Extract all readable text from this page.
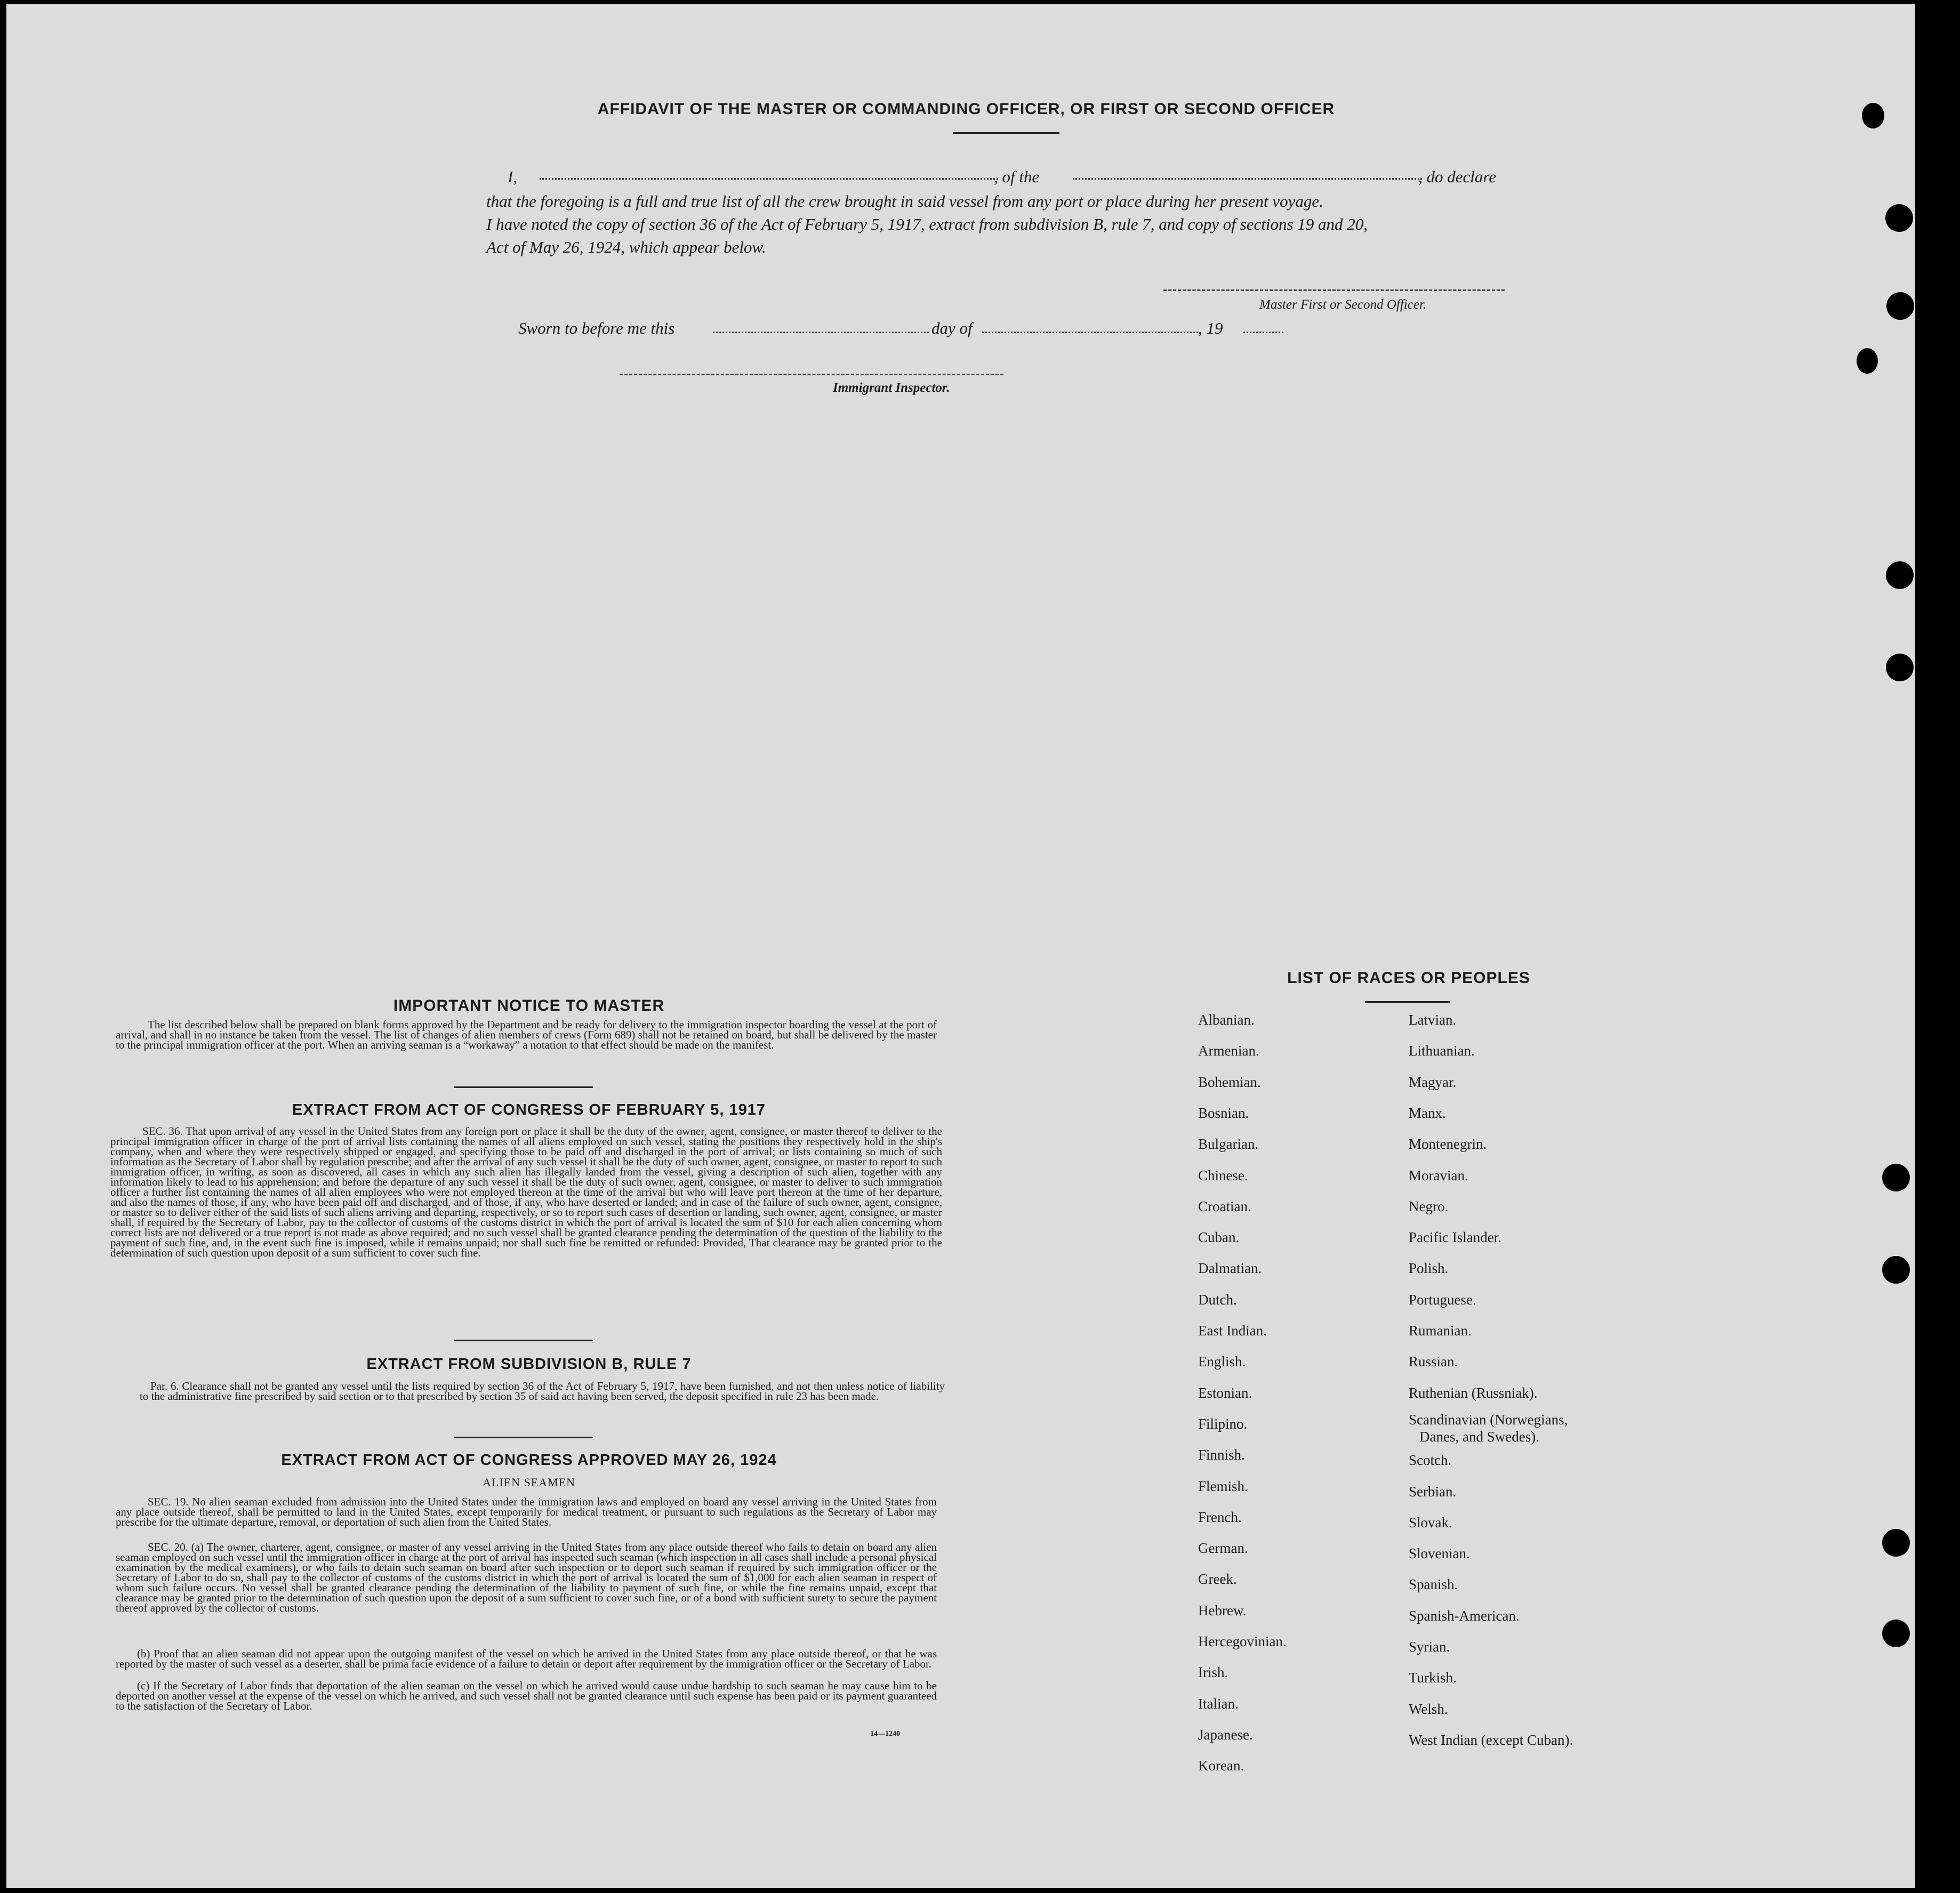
AFFIDAVIT OF THE MASTER OR COMMANDING OFFICER, OR FIRST OR SECOND OFFICER
I,	, of the	, do declare
that the foregoing is a full and true list of all the crew brought in said vessel from any port or place during her present voyage.
I have noted the copy of section 36 of the Act of February 5, 1917, extract from subdivision B, rule 7, and copy of sections 19 and 20,
Act of May 26, 1924, which appear below.
Master First or Second Officer.
Sworn to before me this	day of	, 19
Immigrant Inspector.
IMPORTANT NOTICE TO MASTER
The list described below shall be prepared on blank forms approved by the Department and be ready for delivery to the immigration inspector boarding the vessel at the port of arrival, and shall in no instance be taken from the vessel. The list of changes of alien members of crews (Form 689) shall not be retained on board, but shall be delivered by the master to the principal immigration officer at the port. When an arriving seaman is a “workaway” a notation to that effect should be made on the manifest.
EXTRACT FROM ACT OF CONGRESS OF FEBRUARY 5, 1917
SEC. 36. That upon arrival of any vessel in the United States from any foreign port or place it shall be the duty of the owner, agent, consignee, or master thereof to deliver to the principal immigration officer in charge of the port of arrival lists containing the names of all aliens employed on such vessel, stating the positions they respectively hold in the ship's company, when and where they were respectively shipped or engaged, and specifying those to be paid off and discharged in the port of arrival; or lists containing so much of such information as the Secretary of Labor shall by regulation prescribe; and after the arrival of any such vessel it shall be the duty of such owner, agent, consignee, or master to report to such immigration officer, in writing, as soon as discovered, all cases in which any such alien has illegally landed from the vessel, giving a description of such alien, together with any information likely to lead to his apprehension; and before the departure of any such vessel it shall be the duty of such owner, agent, consignee, or master to deliver to such immigration officer a further list containing the names of all alien employees who were not employed thereon at the time of the arrival but who will leave port thereon at the time of her departure, and also the names of those, if any, who have been paid off and discharged, and of those, if any, who have deserted or landed; and in case of the failure of such owner, agent, consignee, or master so to deliver either of the said lists of such aliens arriving and departing, respectively, or so to report such cases of desertion or landing, such owner, agent, consignee, or master shall, if required by the Secretary of Labor, pay to the collector of customs of the customs district in which the port of arrival is located the sum of $10 for each alien concerning whom correct lists are not delivered or a true report is not made as above required; and no such vessel shall be granted clearance pending the determination of the question of the liability to the payment of such fine, and, in the event such fine is imposed, while it remains unpaid; nor shall such fine be remitted or refunded: Provided, That clearance may be granted prior to the determination of such question upon deposit of a sum sufficient to cover such fine.
EXTRACT FROM SUBDIVISION B, RULE 7
Par. 6. Clearance shall not be granted any vessel until the lists required by section 36 of the Act of February 5, 1917, have been furnished, and not then unless notice of liability to the administrative fine prescribed by said section or to that prescribed by section 35 of said act having been served, the deposit specified in rule 23 has been made.
EXTRACT FROM ACT OF CONGRESS APPROVED MAY 26, 1924
ALIEN SEAMEN
SEC. 19. No alien seaman excluded from admission into the United States under the immigration laws and employed on board any vessel arriving in the United States from any place outside thereof, shall be permitted to land in the United States, except temporarily for medical treatment, or pursuant to such regulations as the Secretary of Labor may prescribe for the ultimate departure, removal, or deportation of such alien from the United States.
SEC. 20. (a) The owner, charterer, agent, consignee, or master of any vessel arriving in the United States from any place outside thereof who fails to detain on board any alien seaman employed on such vessel until the immigration officer in charge at the port of arrival has inspected such seaman (which inspection in all cases shall include a personal physical examination by the medical examiners), or who fails to detain such seaman on board after such inspection or to deport such seaman if required by such immigration officer or the Secretary of Labor to do so, shall pay to the collector of customs of the customs district in which the port of arrival is located the sum of $1,000 for each alien seaman in respect of whom such failure occurs. No vessel shall be granted clearance pending the determination of the liability to payment of such fine, or while the fine remains unpaid, except that clearance may be granted prior to the determination of such question upon the deposit of a sum sufficient to cover such fine, or of a bond with sufficient surety to secure the payment thereof approved by the collector of customs.
(b) Proof that an alien seaman did not appear upon the outgoing manifest of the vessel on which he arrived in the United States from any place outside thereof, or that he was reported by the master of such vessel as a deserter, shall be prima facie evidence of a failure to detain or deport after requirement by the immigration officer or the Secretary of Labor.
(c) If the Secretary of Labor finds that deportation of the alien seaman on the vessel on which he arrived would cause undue hardship to such seaman he may cause him to be deported on another vessel at the expense of the vessel on which he arrived, and such vessel shall not be granted clearance until such expense has been paid or its payment guaranteed to the satisfaction of the Secretary of Labor.
14—1240
LIST OF RACES OR PEOPLES
Albanian.
Armenian.
Bohemian.
Bosnian.
Bulgarian.
Chinese.
Croatian.
Cuban.
Dalmatian.
Dutch.
East Indian.
English.
Estonian.
Filipino.
Finnish.
Flemish.
French.
German.
Greek.
Hebrew.
Hercegovinian.
Irish.
Italian.
Japanese.
Korean.
Latvian.
Lithuanian.
Magyar.
Manx.
Montenegrin.
Moravian.
Negro.
Pacific Islander.
Polish.
Portuguese.
Rumanian.
Russian.
Ruthenian (Russniak).
Scandinavian (Norwegians,
Danes, and Swedes).
Scotch.
Serbian.
Slovak.
Slovenian.
Spanish.
Spanish-American.
Syrian.
Turkish.
Welsh.
West Indian (except Cuban).
